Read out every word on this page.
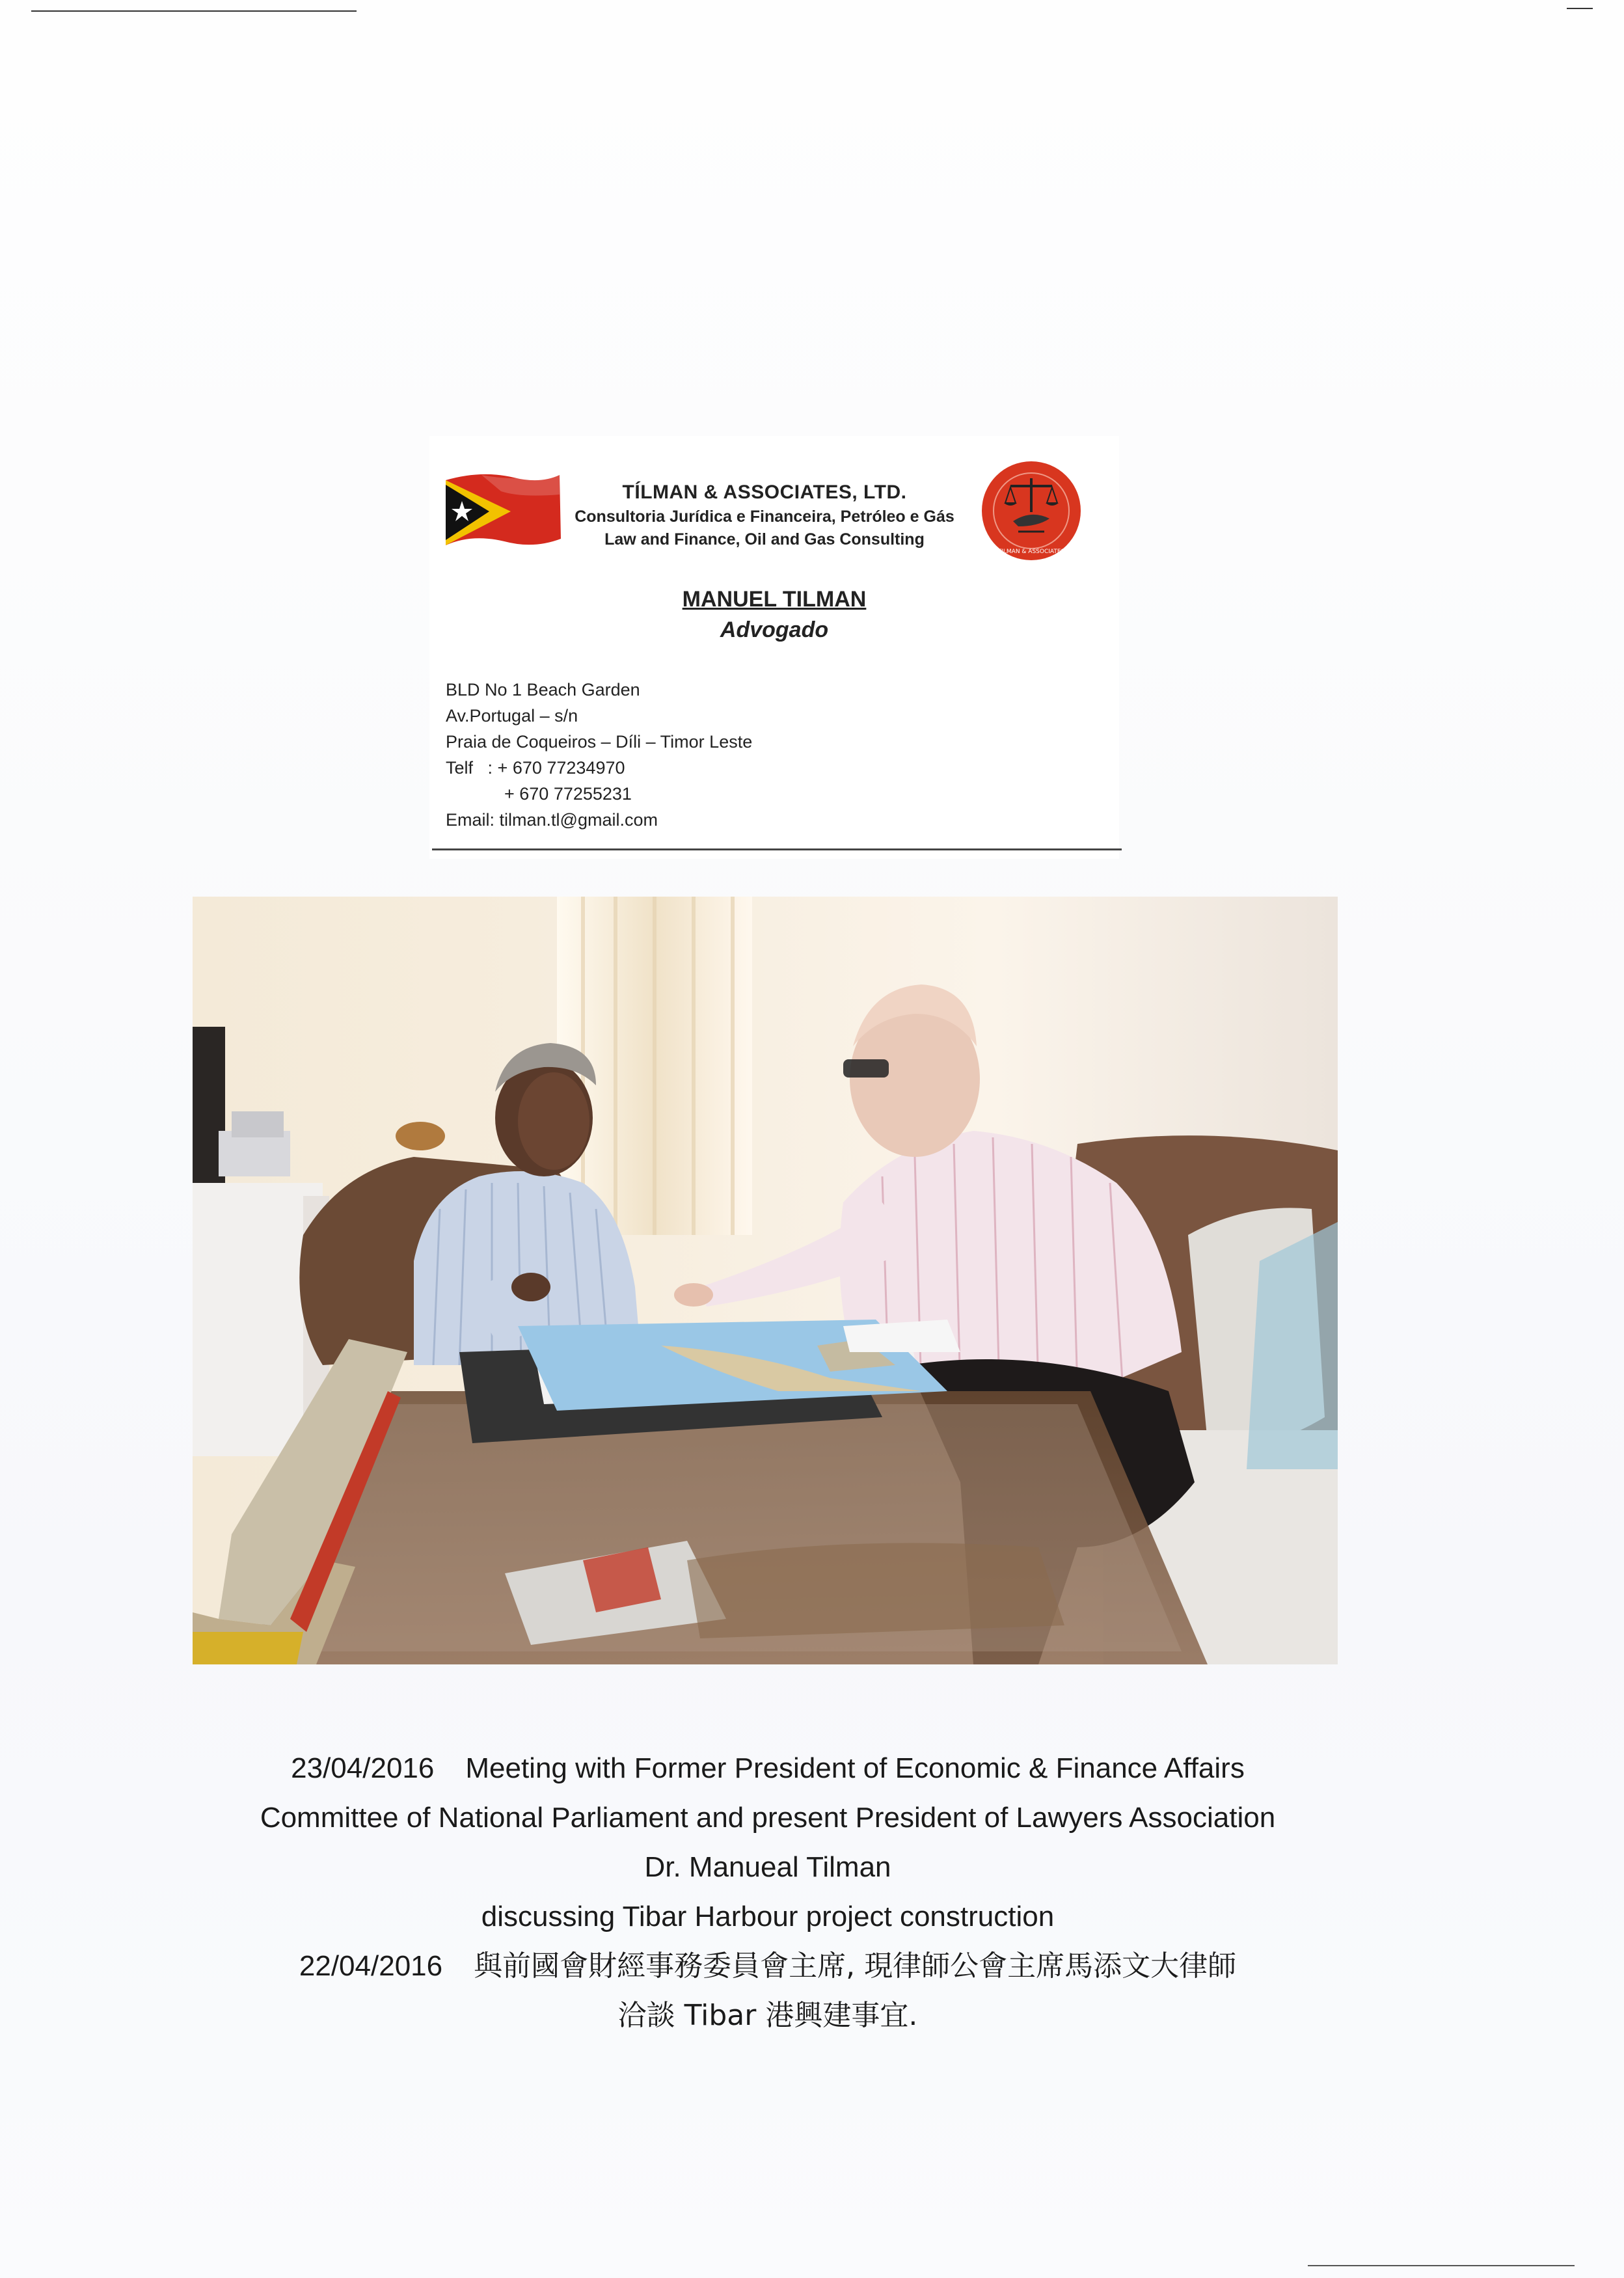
TÍLMAN & ASSOCIATES, LTD.
Consultoria Jurídica e Financeira, Petróleo e Gás
Law and Finance, Oil and Gas Consulting
TILMAN & ASSOCIATES
MANUEL TILMAN
Advogado
BLD No 1 Beach Garden
Av.Portugal – s/n
Praia de Coqueiros – Díli – Timor Leste
Telf : + 670 77234970
+ 670 77255231
Email: tilman.tl@gmail.com
23/04/2016 Meeting with Former President of Economic & Finance Affairs
Committee of National Parliament and present President of Lawyers Association
Dr. Manueal Tilman
discussing Tibar Harbour project construction
22/04/2016 與前國會財經事務委員會主席, 現律師公會主席馬添文大律師
洽談 Tibar 港興建事宜.
